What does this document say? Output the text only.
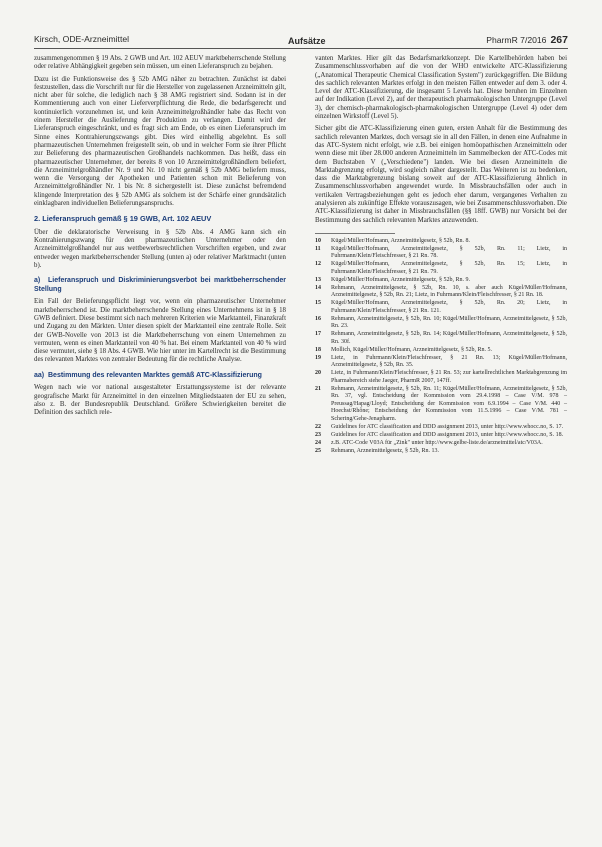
Kirsch, ODE-Arzneimittel	Aufsätze	PharmR 7/2016 267

zusammengenommen § 19 Abs. 2 GWB und Art. 102 AEUV marktbeherrschende Stellung oder relative Abhängigkeit gegeben sein müssen, um einen Lieferanspruch zu bejahen.

Dazu ist die Funktionsweise des § 52b AMG näher zu betrachten. Zunächst ist dabei festzustellen, dass die Vorschrift nur für die Hersteller von zugelassenen Arzneimitteln gilt, nicht aber für solche, die lediglich nach § 38 AMG registriert sind. Sodann ist in der Kommentierung auch von einer Lieferverpflichtung die Rede, die bedarfsgerecht und kontinuierlich vorzunehmen ist, und kein Arzneimittelgroßhändler habe das Recht von einem Hersteller die Auslieferung der Produktion zu verlangen. Damit wird der Lieferanspruch eingeschränkt, und es fragt sich am Ende, ob es einen Lieferanspruch im Sinne eines Kontrahierungszwangs gibt. Dies wird einhellig abgelehnt. Es soll pharmazeutischen Unternehmen freigestellt sein, ob und in welcher Form sie ihrer Pflicht zur Belieferung des pharmazeutischen Großhandels nachkommen. Das heißt, dass ein pharmazeutischer Unternehmer, der bereits 8 von 10 Arzneimittelgroßhändlern beliefert, die Arzneimittelgroßhändler Nr. 9 und Nr. 10 nicht gemäß § 52b AMG beliefern muss, wenn die Versorgung der Apotheken und Patienten schon mit Belieferung von Arzneimittelgroßhändler Nr. 1 bis Nr. 8 sichergestellt ist. Diese zunächst befremdend klingende Interpretation des § 52b AMG als solchem ist der Schärfe einer grundsätzlich einklagbaren individuellen Belieferungsanspruchs.

2. Lieferanspruch gemäß § 19 GWB, Art. 102 AEUV

Über die deklaratorische Verweisung in § 52b Abs. 4 AMG kann sich ein Kontrahierungszwang für den pharmazeutischen Unternehmer oder den Arzneimittelgroßhandel nur aus wettbewerbsrechtlichen Vorschriften ergeben, und zwar entweder wegen marktbeherrschender Stellung (unten a) oder relativer Marktmacht (unten b).

a) Lieferanspruch und Diskriminierungsverbot bei marktbeherrschender Stellung

Ein Fall der Belieferungspflicht liegt vor, wenn ein pharmazeutischer Unternehmer marktbeherrschend ist. Die marktbeherrschende Stellung eines Unternehmens ist in § 18 GWB definiert. Diese bestimmt sich nach mehreren Kriterien wie Marktanteil, Finanzkraft und Zugang zu den Märkten. Unter diesen spielt der Marktanteil eine zentrale Rolle. Seit der GWB-Novelle von 2013 ist die Marktbeherrschung von einem Unternehmen zu vermuten, wenn es einen Marktanteil von 40 % hat. Bei einem Marktanteil von 40 % wird diese vermutet, siehe § 18 Abs. 4 GWB. Wie hier unter im Kartellrecht ist die Bestimmung des relevanten Marktes von zentraler Bedeutung für die rechtliche Analyse.

aa) Bestimmung des relevanten Marktes gemäß ATC-Klassifizierung

Wegen nach wie vor national ausgestalteter Erstattungssysteme ist der relevante geografische Markt für Arzneimittel in den einzelnen Mitgliedstaaten der EU zu sehen, also z. B. der Bundesrepublik Deutschland. Größere Schwierigkeiten bereitet die Definition des sachlich rele-

vanten Marktes. Hier gilt das Bedarfsmarktkonzept. Die Kartellbehörden haben bei Zusammenschlussvorhaben auf die von der WHO entwickelte ATC-Klassifizierung („Anatomical Therapeutic Chemical Classification System") zurückgegriffen. Die Bildung des sachlich relevanten Marktes erfolgt in den meisten Fällen entweder auf dem 3. oder 4. Level der ATC-Klassifizierung, die insgesamt 5 Levels hat. Diese beruhen im Einzelnen auf der Indikation (Level 2), auf der therapeutisch pharmakologischen Untergruppe (Level 3), der chemisch-pharmakologisch-pharmakologischen Untergruppe (Level 4) oder dem einzelnen Wirkstoff (Level 5).

Sicher gibt die ATC-Klassifizierung einen guten, ersten Anhalt für die Bestimmung des sachlich relevanten Marktes, doch versagt sie in all den Fällen, in denen eine Aufnahme in das ATC-System nicht erfolgt, wie z.B. bei einigen homöopathischen Arzneimitteln oder wenn diese mit über 28.000 anderen Arzneimitteln im Sammelbecken der ATC-Codes mit dem Buchstaben V („Verschiedene") landen. Wie bei diesen Arzneimitteln die Marktabgrenzung erfolgt, wird sogleich näher dargestellt. Das Weiteren ist zu bedenken, dass die Marktabgrenzung bislang soweit auf der ATC-Klassifizierung ähnlich in Zusammenschlussvorhaben angewendet wurde. In Missbrauchsfällen oder auch in vertikalen Vertragsbeziehungen geht es jedoch eher darum, vergangenes Verhalten zu analysieren als zukünftige Effekte vorauszusagen, wie bei Zusammenschlussvorhaben. Die ATC-Klassifizierung ist daher in Missbrauchsfällen (§§ 18ff. GWB) nur Vorsicht bei der Bestimmung des sachlich relevanten Marktes anzuwenden.

10	Kügel/Müller/Hofmann, Arzneimittelgesetz, § 52b, Rn. 8.
11	Kügel/Müller/Hofmann, Arzneimittelgesetz, § 52b, Rn. 11; Lietz, in Fuhrmann/Klein/Fleischfresser, § 21 Rn. 78.
12	Kügel/Müller/Hofmann, Arzneimittelgesetz, § 52b, Rn. 15; Lietz, in Fuhrmann/Klein/Fleischfresser, § 21 Rn. 79.
13	Kügel/Müller/Hofmann, Arzneimittelgesetz, § 52b, Rn. 9.
14	Rehmann, Arzneimittelgesetz, § 52b, Rn. 10, s. aber auch Kügel/Müller/Hofmann, Arzneimittelgesetz, § 52b, Rn. 21; Lietz, in Fuhrmann/Klein/Fleischfresser, § 21 Rn. 18.
15	Kügel/Müller/Hofmann, Arzneimittelgesetz, § 52b, Rn. 20; Lietz, in Fuhrmann/Klein/Fleischfresser, § 21 Rn. 121.
16	Rehmann, Arzneimittelgesetz, § 52b, Rn. 10; Kügel/Müller/Hofmann, Arzneimittelgesetz, § 52b, Rn. 23.
17	Rehmann, Arzneimittelgesetz, § 52b, Rn. 14; Kügel/Müller/Hofmann, Arzneimittelgesetz, § 52b, Rn. 30f.
18	Mollich, Kügel/Müller/Hofmann, Arzneimittelgesetz, § 52b, Rn. 5.
19	Lietz, in Fuhrmann/Klein/Fleischfresser, § 21 Rn. 13; Kügel/Müller/Hofmann, Arzneimittelgesetz, § 52b, Rn. 35.
20	Lietz, in Fuhrmann/Klein/Fleischfresser, § 21 Rn. 53; zur kartellrechtlichen Marktabgrenzung im Pharmabereich siehe Jaeger, PharmR 2007, 147ff.
21	Rehmann, Arzneimittelgesetz, § 52b, Rn. 11; Kügel/Müller/Hofmann, Arzneimittelgesetz, § 52b, Rn. 37, vgl. Entscheidung der Kommission vom 29.4.1998 – Case V/M. 978 – Preussag/Hapag/Lloyd; Entscheidung der Kommission vom 6.9.1994 – Case V/M. 440 – Hoechst/Rhône; Entscheidung der Kommission vom 11.5.1996 – Case V/M. 781 – Schering/Gehe-Jenapharm.
22	Guidelines for ATC classification and DDD assignment 2013, unter http://www.whocc.no, S. 17.
23	Guidelines for ATC classification and DDD assignment 2013, unter http://www.whocc.no, S. 18.
24	z.B. ATC-Code V03A für „Zink" unter http://www.gelbe-liste.de/arzneimittel/atc/V03A.
25	Rehmann, Arzneimittelgesetz, § 52b, Rn. 13.
